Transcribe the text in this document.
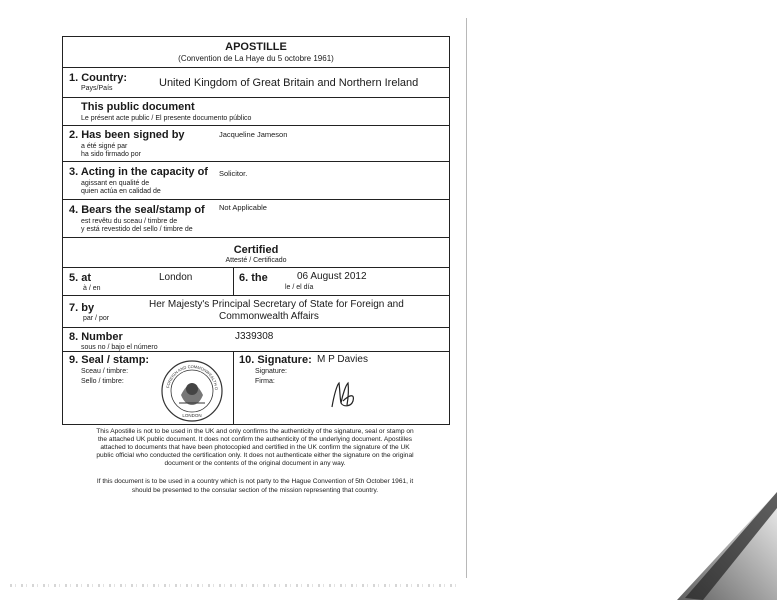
APOSTILLE
(Convention de La Haye du 5 octobre 1961)
1. Country:
Pays/País	United Kingdom of Great Britain and Northern Ireland
This public document
Le présent acte public / El presente documento público
2. Has been signed by
a été signé par
ha sido firmado por
Jacqueline Jameson
3. Acting in the capacity of
agissant en qualité de
quien actúa en calidad de
Solicitor.
4. Bears the seal/stamp of
est revêtu du sceau / timbre de
y está revestido del sello / timbre de
Not Applicable
Certified
Attesté / Certificado
5. at
à / en
London	6. the
le / el día
06 August 2012
7. by
par / por
Her Majesty's Principal Secretary of State for Foreign and
Commonwealth Affairs
8. Number
sous no / bajo el número
J339308
9. Seal / stamp:
Sceau / timbre:
Sello / timbre:
10. Signature: M P Davies
Signature:
Firma:
FOREIGN AND COMMONWEALTH O
LONDON
This Apostille is not to be used in the UK and only confirms the authenticity of the signature, seal or stamp on
the attached UK public document. It does not confirm the authenticity of the underlying document. Apostilles
attached to documents that have been photocopied and certified in the UK confirm the signature of the UK
public official who conducted the certification only. It does not authenticate either the signature on the original
document or the contents of the original document in any way.
If this document is to be used in a country which is not party to the Hague Convention of 5th October 1961, it
should be presented to the consular section of the mission representing that country.
